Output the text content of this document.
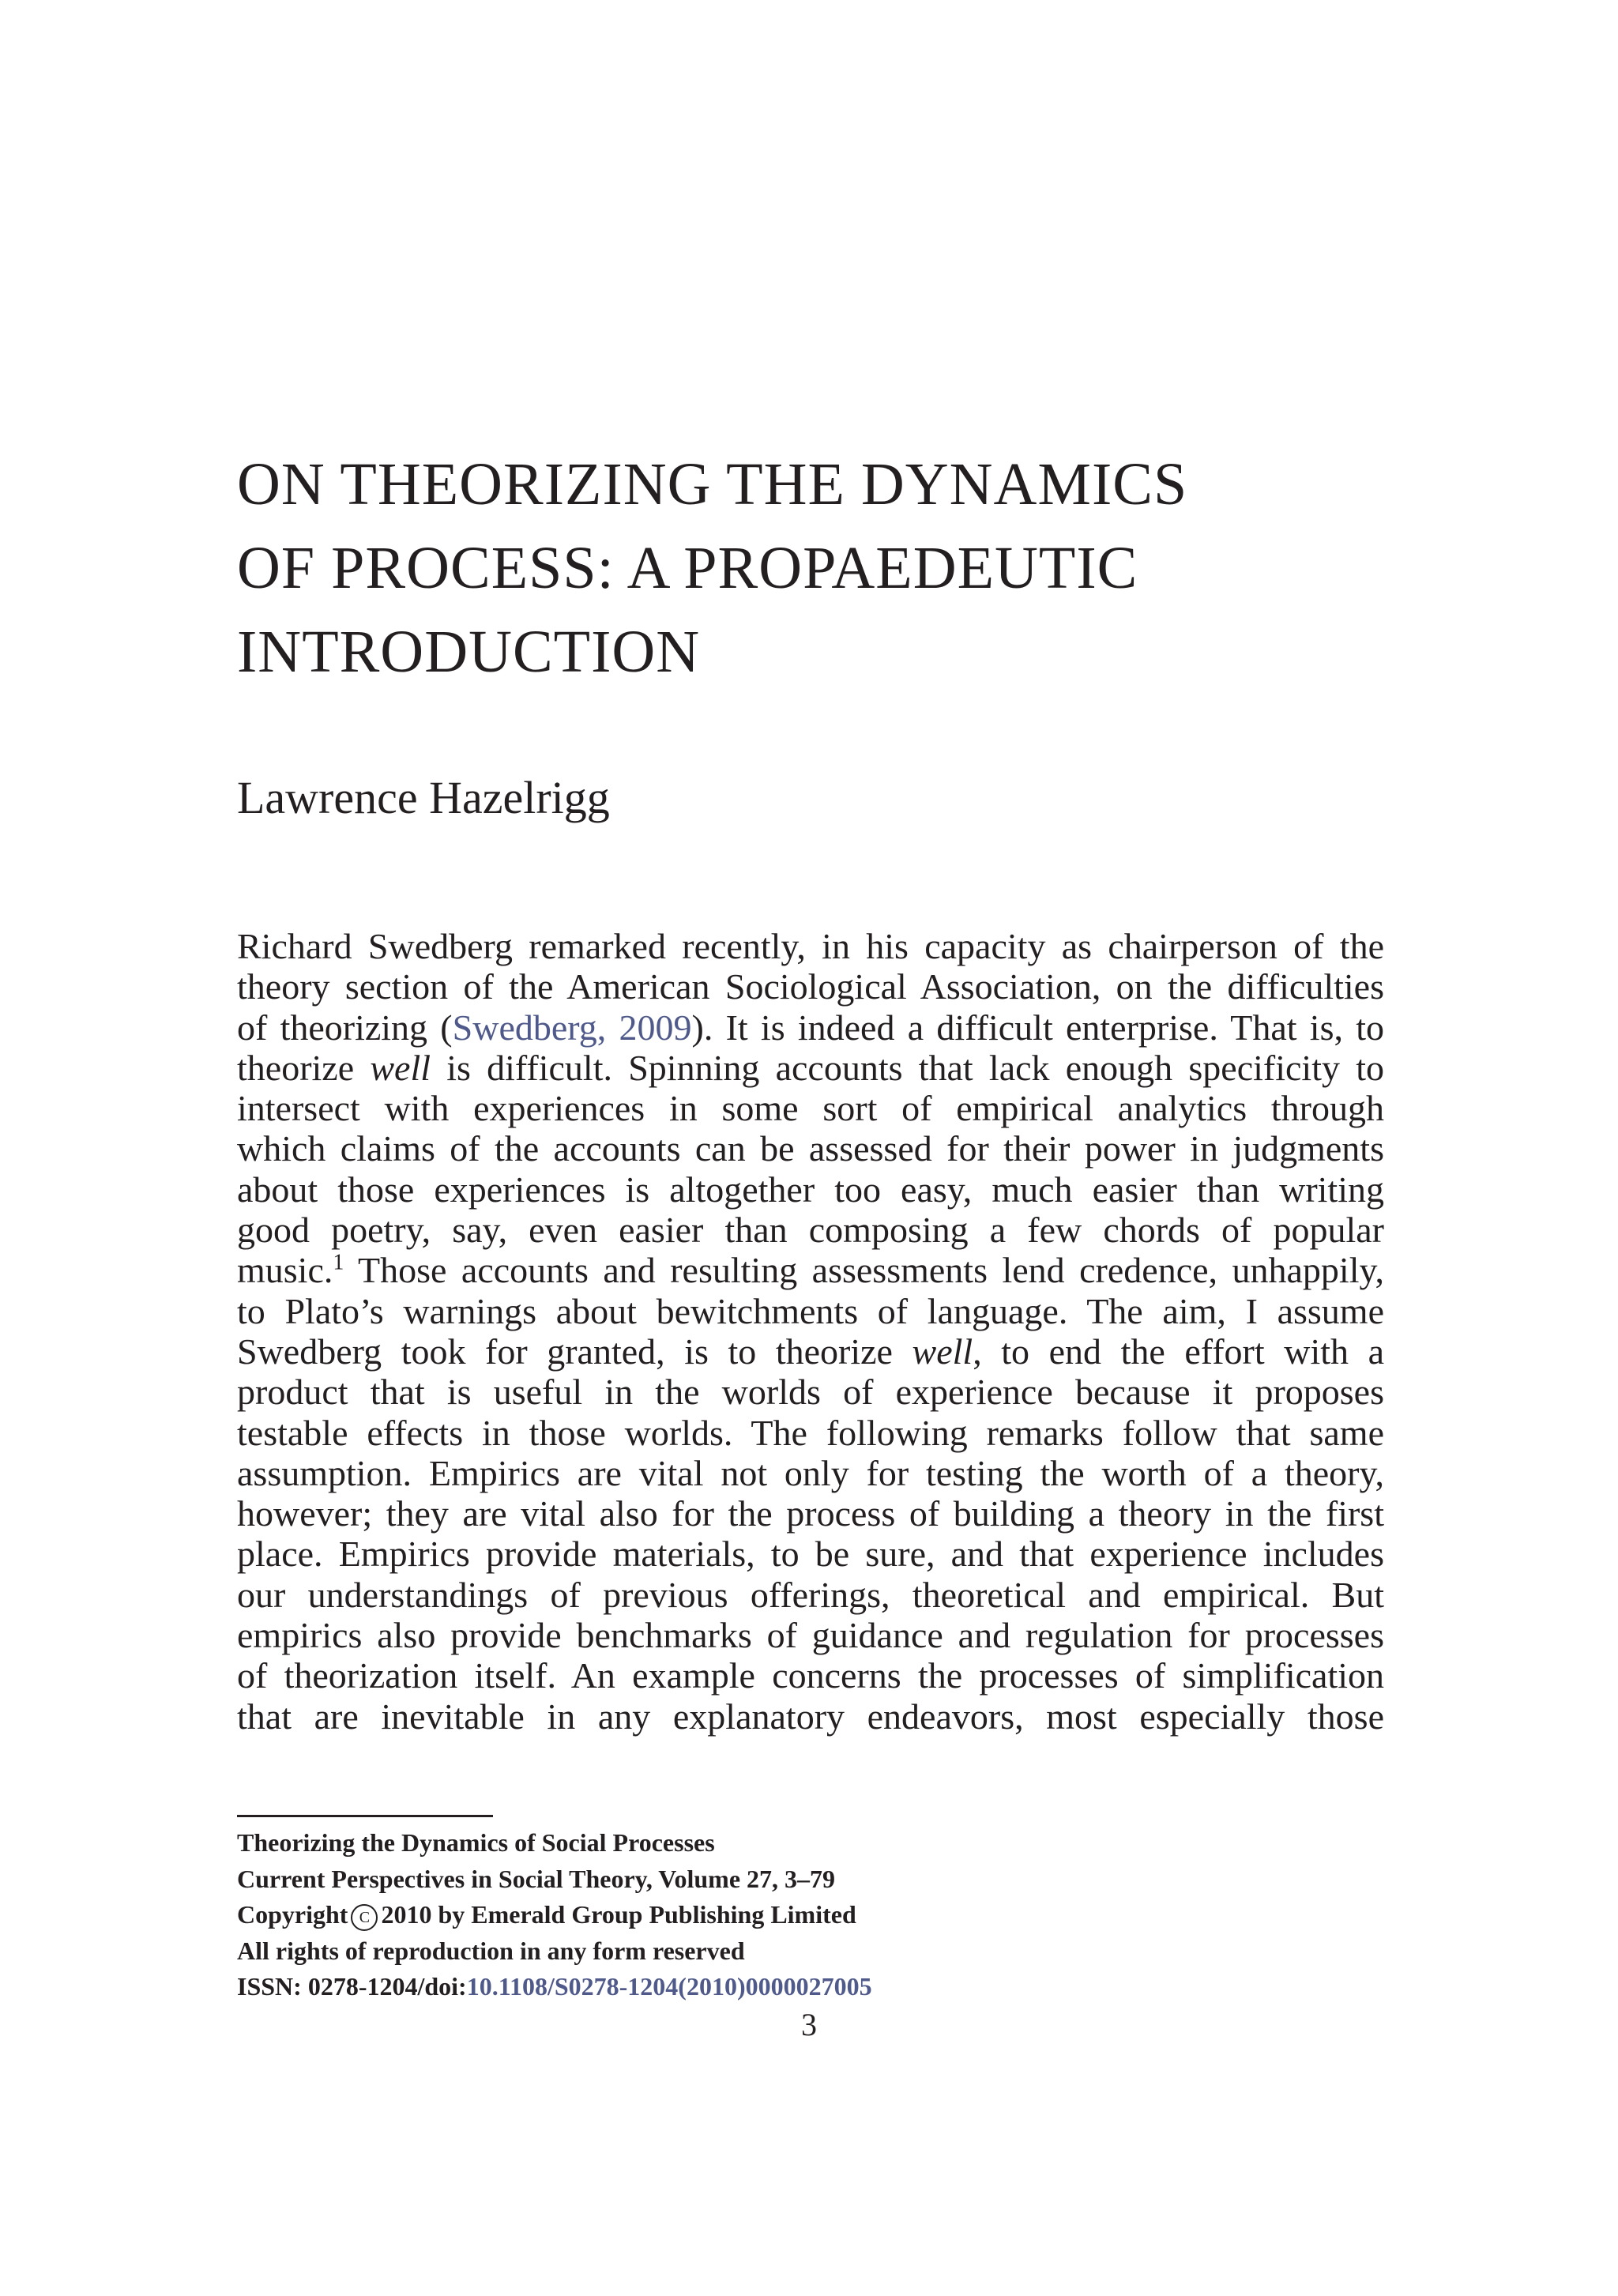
ON THEORIZING THE DYNAMICS
OF PROCESS: A PROPAEDEUTIC
INTRODUCTION

Lawrence Hazelrigg

Richard Swedberg remarked recently, in his capacity as chairperson of the
theory section of the American Sociological Association, on the difficulties
of theorizing (Swedberg, 2009). It is indeed a difficult enterprise. That is, to
theorize well is difficult. Spinning accounts that lack enough specificity to
intersect with experiences in some sort of empirical analytics through
which claims of the accounts can be assessed for their power in judgments
about those experiences is altogether too easy, much easier than writing
good poetry, say, even easier than composing a few chords of popular
music.$^1$ Those accounts and resulting assessments lend credence, unhappily,
to Plato’s warnings about bewitchments of language. The aim, I assume
Swedberg took for granted, is to theorize well, to end the effort with a
product that is useful in the worlds of experience because it proposes
testable effects in those worlds. The following remarks follow that same
assumption. Empirics are vital not only for testing the worth of a theory,
however; they are vital also for the process of building a theory in the first
place. Empirics provide materials, to be sure, and that experience includes
our understandings of previous offerings, theoretical and empirical. But
empirics also provide benchmarks of guidance and regulation for processes
of theorization itself. An example concerns the processes of simplification
that are inevitable in any explanatory endeavors, most especially those
Theorizing the Dynamics of Social Processes
Current Perspectives in Social Theory, Volume 27, 3–79
Copyright C 2010 by Emerald Group Publishing Limited
All rights of reproduction in any form reserved
ISSN: 0278-1204/doi:10.1108/S0278-1204(2010)0000027005
3
